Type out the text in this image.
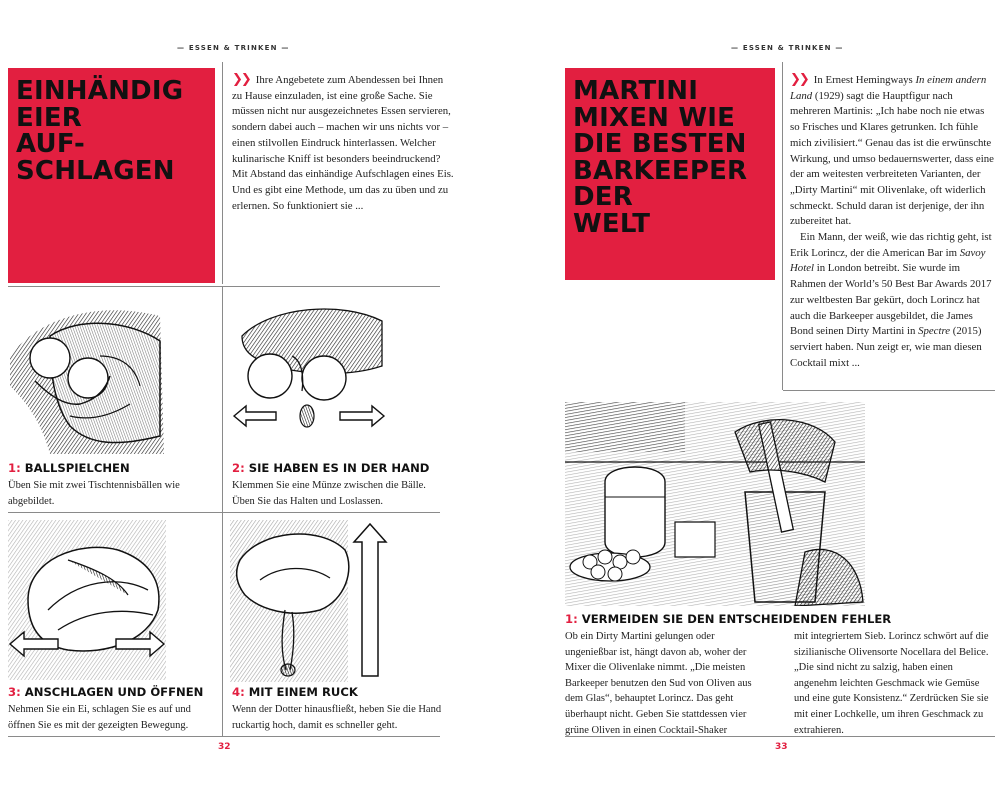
— ESSEN & TRINKEN —
EINHÄNDIG
EIER
AUF-
SCHLAGEN

❯❯ Ihre Angebetete zum Abendessen bei Ihnen zu Hause einzuladen, ist eine große Sache. Sie müssen nicht nur ausgezeichnetes Essen servieren, sondern dabei auch – machen wir uns nichts vor – einen stilvollen Eindruck hinterlassen. Welcher kulinarische Kniff ist besonders beeindruckend? Mit Abstand das einhändige Aufschlagen eines Eis. Und es gibt eine Methode, um das zu üben und zu erlernen. So funktioniert sie ...

1: BALLSPIELCHEN
Üben Sie mit zwei Tischtennisbällen wie abgebildet.
2: SIE HABEN ES IN DER HAND
Klemmen Sie eine Münze zwischen die Bälle. Üben Sie das Halten und Loslassen.
3: ANSCHLAGEN UND ÖFFNEN
Nehmen Sie ein Ei, schlagen Sie es auf und öffnen Sie es mit der gezeigten Bewegung.
4: MIT EINEM RUCK
Wenn der Dotter hinausfließt, heben Sie die Hand ruckartig hoch, damit es schneller geht.
32
— ESSEN & TRINKEN —
MARTINI
MIXEN WIE
DIE BESTEN
BARKEEPER
DER
WELT

❯❯ In Ernest Hemingways In einem andern Land (1929) sagt die Hauptfigur nach mehreren Martinis: „Ich habe noch nie etwas so Frisches und Klares getrunken. Ich fühle mich zivilisiert.“ Genau das ist die erwünschte Wirkung, und umso bedauernswerter, dass eine der am weitesten verbreiteten Varianten, der „Dirty Martini“ mit Olivenlake, oft widerlich schmeckt. Schuld daran ist derjenige, der ihn zubereitet hat.

Ein Mann, der weiß, wie das richtig geht, ist Erik Lorincz, der die American Bar im Savoy Hotel in London betreibt. Sie wurde im Rahmen der World’s 50 Best Bar Awards 2017 zur weltbesten Bar gekürt, doch Lorincz hat auch die Barkeeper ausgebildet, die James Bond seinen Dirty Martini in Spectre (2015) serviert haben. Nun zeigt er, wie man diesen Cocktail mixt ...

1: VERMEIDEN SIE DEN ENTSCHEIDENDEN FEHLER

Ob ein Dirty Martini gelungen oder ungenießbar ist, hängt davon ab, woher der Mixer die Olivenlake nimmt. „Die meisten Barkeeper benutzen den Sud von Oliven aus dem Glas“, behauptet Lorincz. Das geht überhaupt nicht. Geben Sie stattdessen vier grüne Oliven in einen Cocktail-Shaker

mit integriertem Sieb. Lorincz schwört auf die sizilianische Olivensorte Nocellara del Belice. „Die sind nicht zu salzig, haben einen angenehm leichten Geschmack wie Gemüse und eine gute Konsistenz.“ Zerdrücken Sie sie mit einer Lochkelle, um ihren Geschmack zu extrahieren.

33
